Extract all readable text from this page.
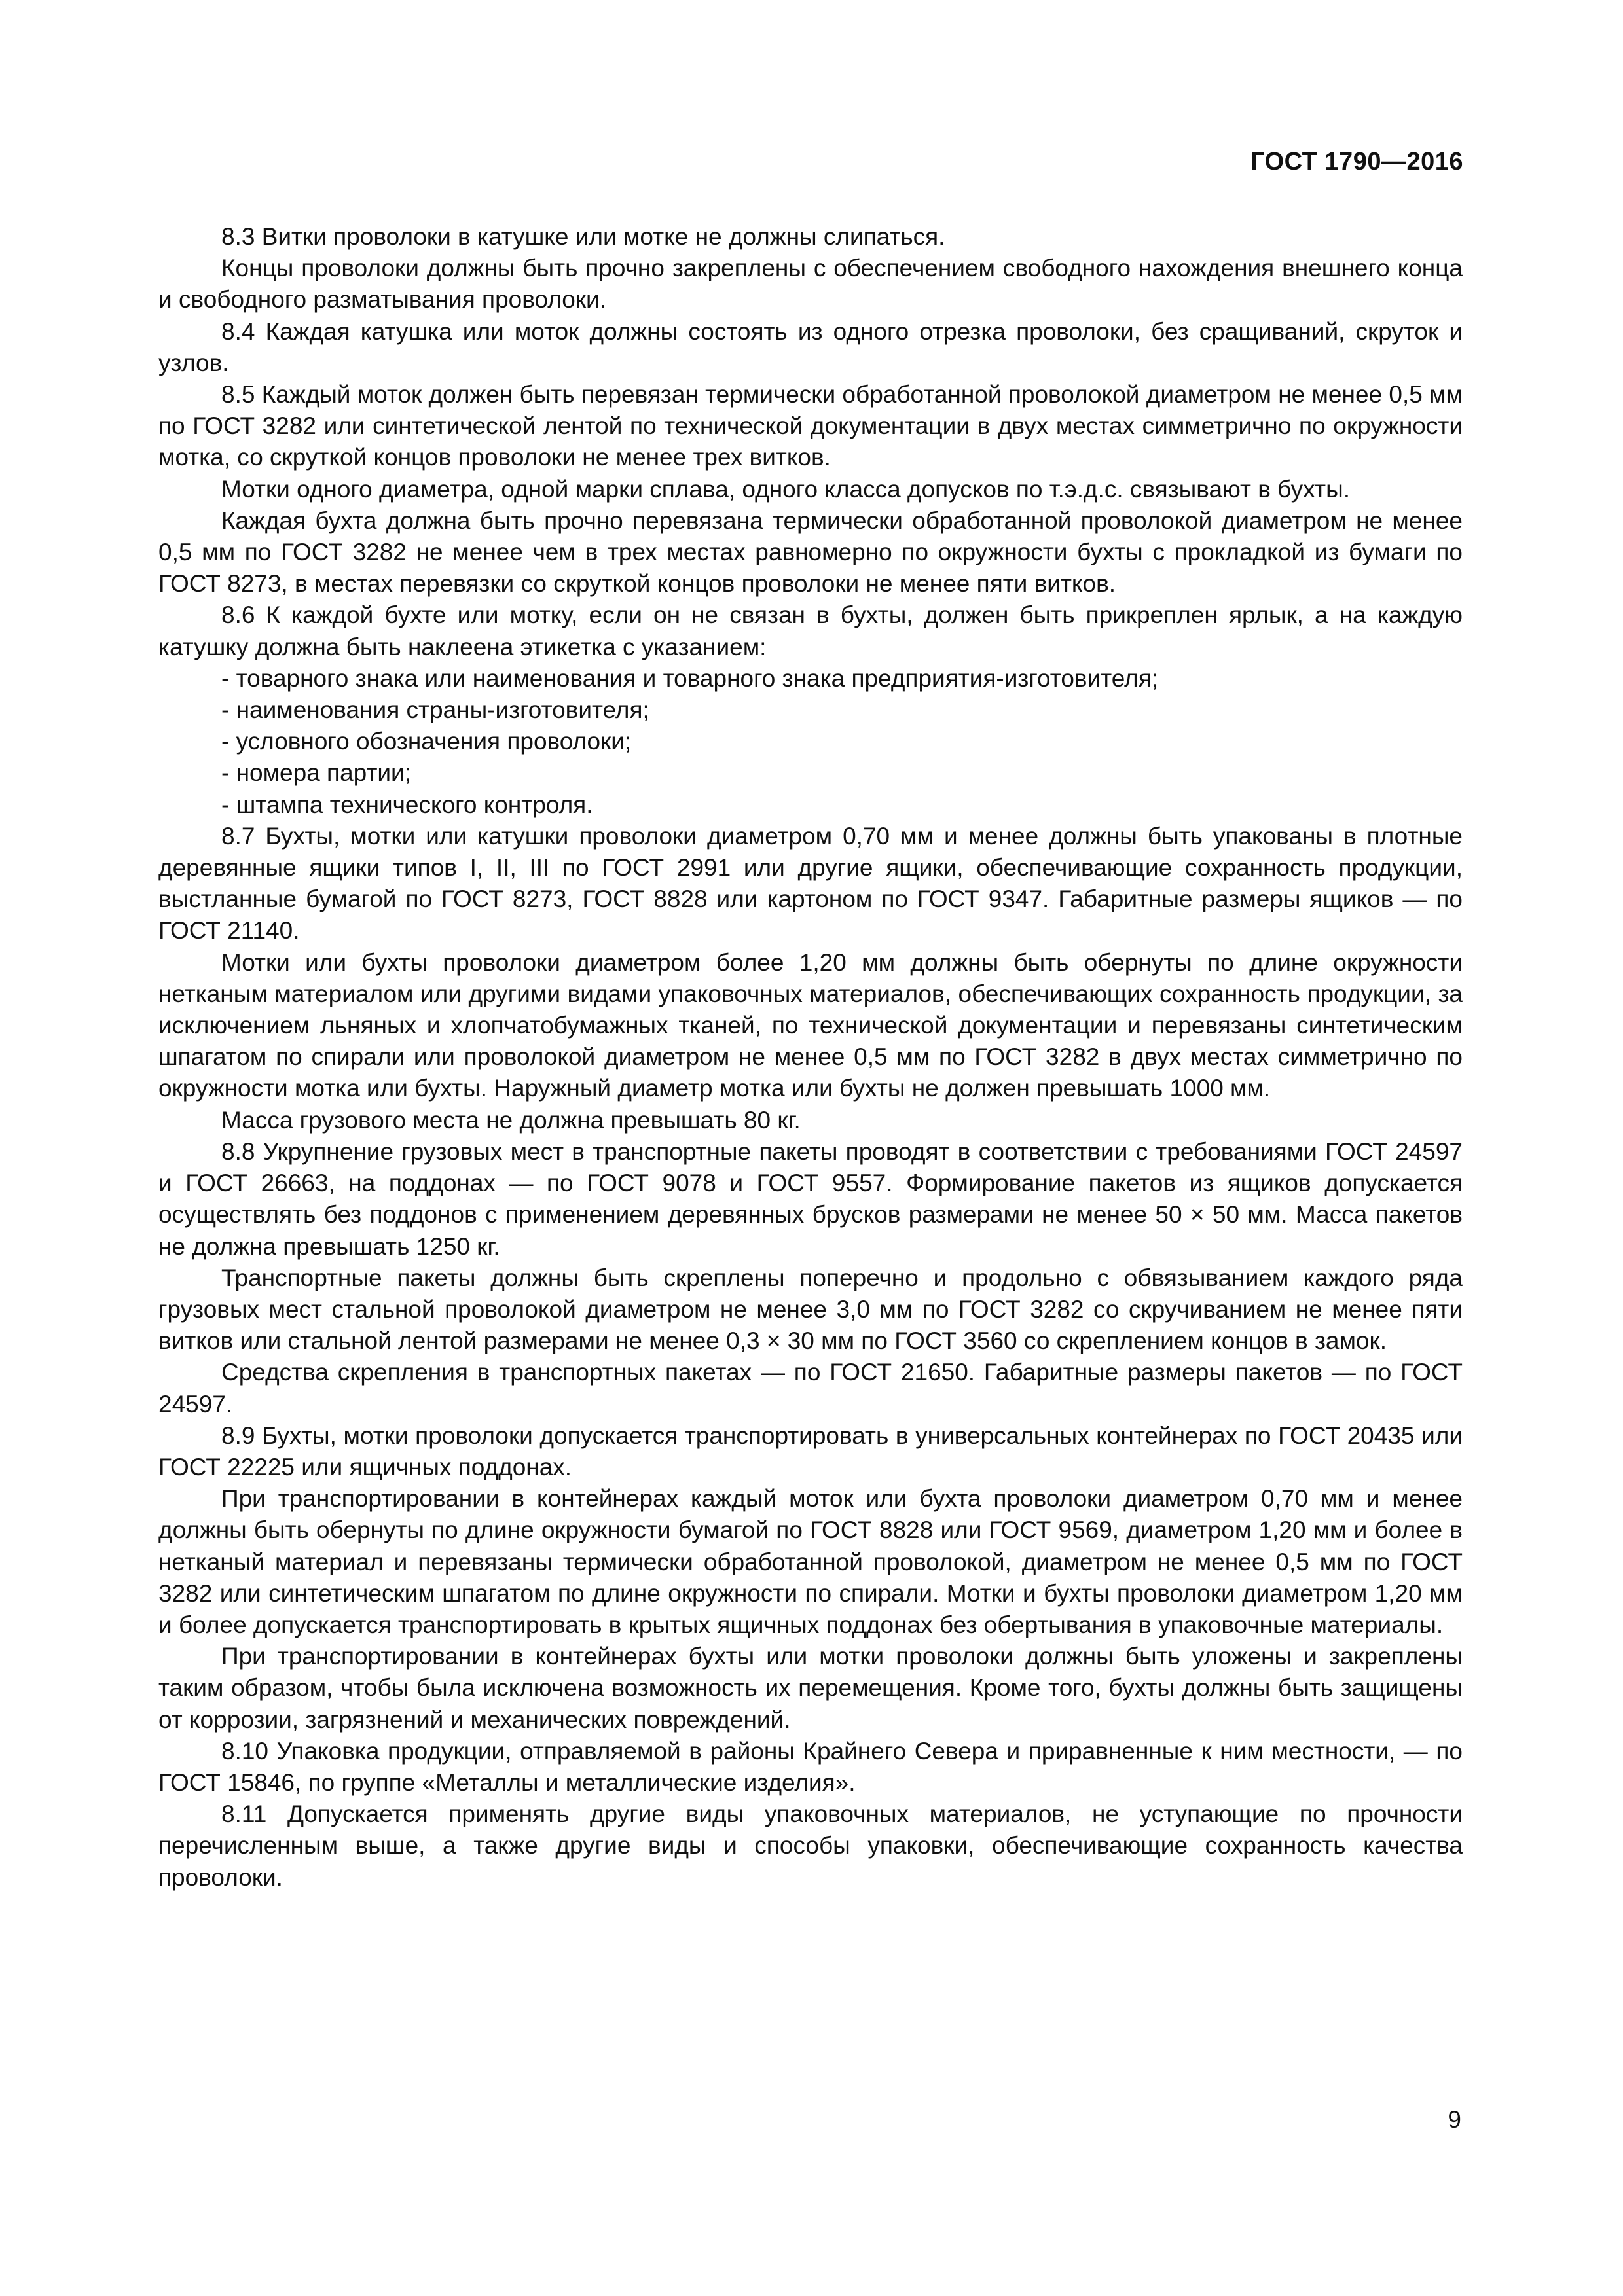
ГОСТ 1790—2016

8.3 Витки проволоки в катушке или мотке не должны слипаться.

Концы проволоки должны быть прочно закреплены с обеспечением свободного нахождения внешнего конца и свободного разматывания проволоки.

8.4 Каждая катушка или моток должны состоять из одного отрезка проволоки, без сращиваний, скруток и узлов.

8.5 Каждый моток должен быть перевязан термически обработанной проволокой диаметром не менее 0,5 мм по ГОСТ 3282 или синтетической лентой по технической документации в двух местах симметрично по окружности мотка, со скруткой концов проволоки не менее трех витков.

Мотки одного диаметра, одной марки сплава, одного класса допусков по т.э.д.с. связывают в бухты.

Каждая бухта должна быть прочно перевязана термически обработанной проволокой диаметром не менее 0,5 мм по ГОСТ 3282 не менее чем в трех местах равномерно по окружности бухты с прокладкой из бумаги по ГОСТ 8273, в местах перевязки со скруткой концов проволоки не менее пяти витков.

8.6 К каждой бухте или мотку, если он не связан в бухты, должен быть прикреплен ярлык, а на каждую катушку должна быть наклеена этикетка с указанием:

- товарного знака или наименования и товарного знака предприятия-изготовителя;

- наименования страны-изготовителя;

- условного обозначения проволоки;

- номера партии;

- штампа технического контроля.

8.7 Бухты, мотки или катушки проволоки диаметром 0,70 мм и менее должны быть упакованы в плотные деревянные ящики типов I, II, III по ГОСТ 2991 или другие ящики, обеспечивающие сохранность продукции, выстланные бумагой по ГОСТ 8273, ГОСТ 8828 или картоном по ГОСТ 9347. Габаритные размеры ящиков — по ГОСТ 21140.

Мотки или бухты проволоки диаметром более 1,20 мм должны быть обернуты по длине окружности нетканым материалом или другими видами упаковочных материалов, обеспечивающих сохранность продукции, за исключением льняных и хлопчатобумажных тканей, по технической документации и перевязаны синтетическим шпагатом по спирали или проволокой диаметром не менее 0,5 мм по ГОСТ 3282 в двух местах симметрично по окружности мотка или бухты. Наружный диаметр мотка или бухты не должен превышать 1000 мм.

Масса грузового места не должна превышать 80 кг.

8.8 Укрупнение грузовых мест в транспортные пакеты проводят в соответствии с требованиями ГОСТ 24597 и ГОСТ 26663, на поддонах — по ГОСТ 9078 и ГОСТ 9557. Формирование пакетов из ящиков допускается осуществлять без поддонов с применением деревянных брусков размерами не менее 50 × 50 мм. Масса пакетов не должна превышать 1250 кг.

Транспортные пакеты должны быть скреплены поперечно и продольно с обвязыванием каждого ряда грузовых мест стальной проволокой диаметром не менее 3,0 мм по ГОСТ 3282 со скручиванием не менее пяти витков или стальной лентой размерами не менее 0,3 × 30 мм по ГОСТ 3560 со скреплением концов в замок.

Средства скрепления в транспортных пакетах — по ГОСТ 21650. Габаритные размеры пакетов — по ГОСТ 24597.

8.9 Бухты, мотки проволоки допускается транспортировать в универсальных контейнерах по ГОСТ 20435 или ГОСТ 22225 или ящичных поддонах.

При транспортировании в контейнерах каждый моток или бухта проволоки диаметром 0,70 мм и менее должны быть обернуты по длине окружности бумагой по ГОСТ 8828 или ГОСТ 9569, диаметром 1,20 мм и более в нетканый материал и перевязаны термически обработанной проволокой, диаметром не менее 0,5 мм по ГОСТ 3282 или синтетическим шпагатом по длине окружности по спирали. Мотки и бухты проволоки диаметром 1,20 мм и более допускается транспортировать в крытых ящичных поддонах без обертывания в упаковочные материалы.

При транспортировании в контейнерах бухты или мотки проволоки должны быть уложены и закреплены таким образом, чтобы была исключена возможность их перемещения. Кроме того, бухты должны быть защищены от коррозии, загрязнений и механических повреждений.

8.10 Упаковка продукции, отправляемой в районы Крайнего Севера и приравненные к ним местности, — по ГОСТ 15846, по группе «Металлы и металлические изделия».

8.11 Допускается применять другие виды упаковочных материалов, не уступающие по прочности перечисленным выше, а также другие виды и способы упаковки, обеспечивающие сохранность качества проволоки.

9
